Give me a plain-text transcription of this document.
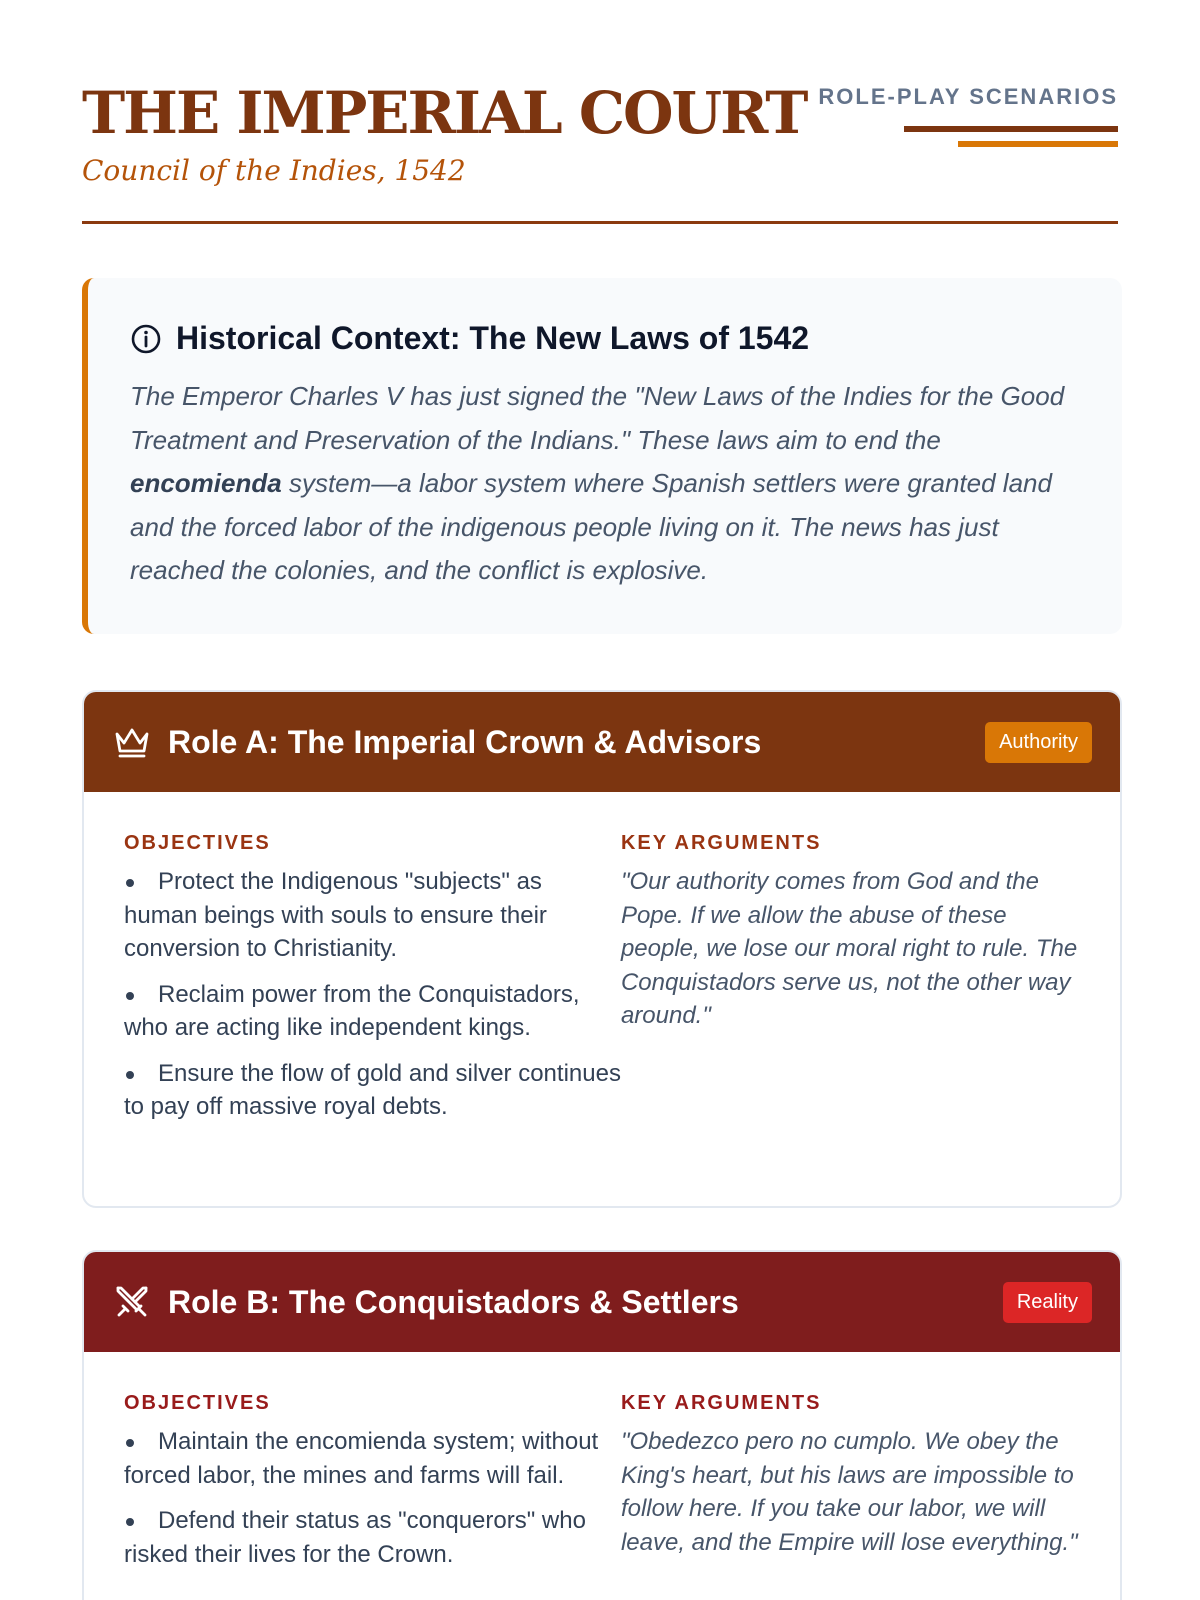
THE IMPERIAL COURT
Council of the Indies, 1542
ROLE-PLAY SCENARIOS
Historical Context: The New Laws of 1542

The Emperor Charles V has just signed the "New Laws of the Indies for the Good Treatment and Preservation of the Indians." These laws aim to end the encomienda system—a labor system where Spanish settlers were granted land and the forced labor of the indigenous people living on it. The news has just reached the colonies, and the conflict is explosive.

Role A: The Imperial Crown & Advisors	Authority
OBJECTIVES
Protect the Indigenous "subjects" as human beings with souls to ensure their conversion to Christianity.
Reclaim power from the Conquistadors, who are acting like independent kings.
Ensure the flow of gold and silver continues to pay off massive royal debts.
KEY ARGUMENTS

"Our authority comes from God and the Pope. If we allow the abuse of these people, we lose our moral right to rule. The Conquistadors serve us, not the other way around."

Role B: The Conquistadors & Settlers	Reality
OBJECTIVES
Maintain the encomienda system; without forced labor, the mines and farms will fail.
Defend their status as "conquerors" who risked their lives for the Crown.
KEY ARGUMENTS

"Obedezco pero no cumplo. We obey the King's heart, but his laws are impossible to follow here. If you take our labor, we will leave, and the Empire will lose everything."
